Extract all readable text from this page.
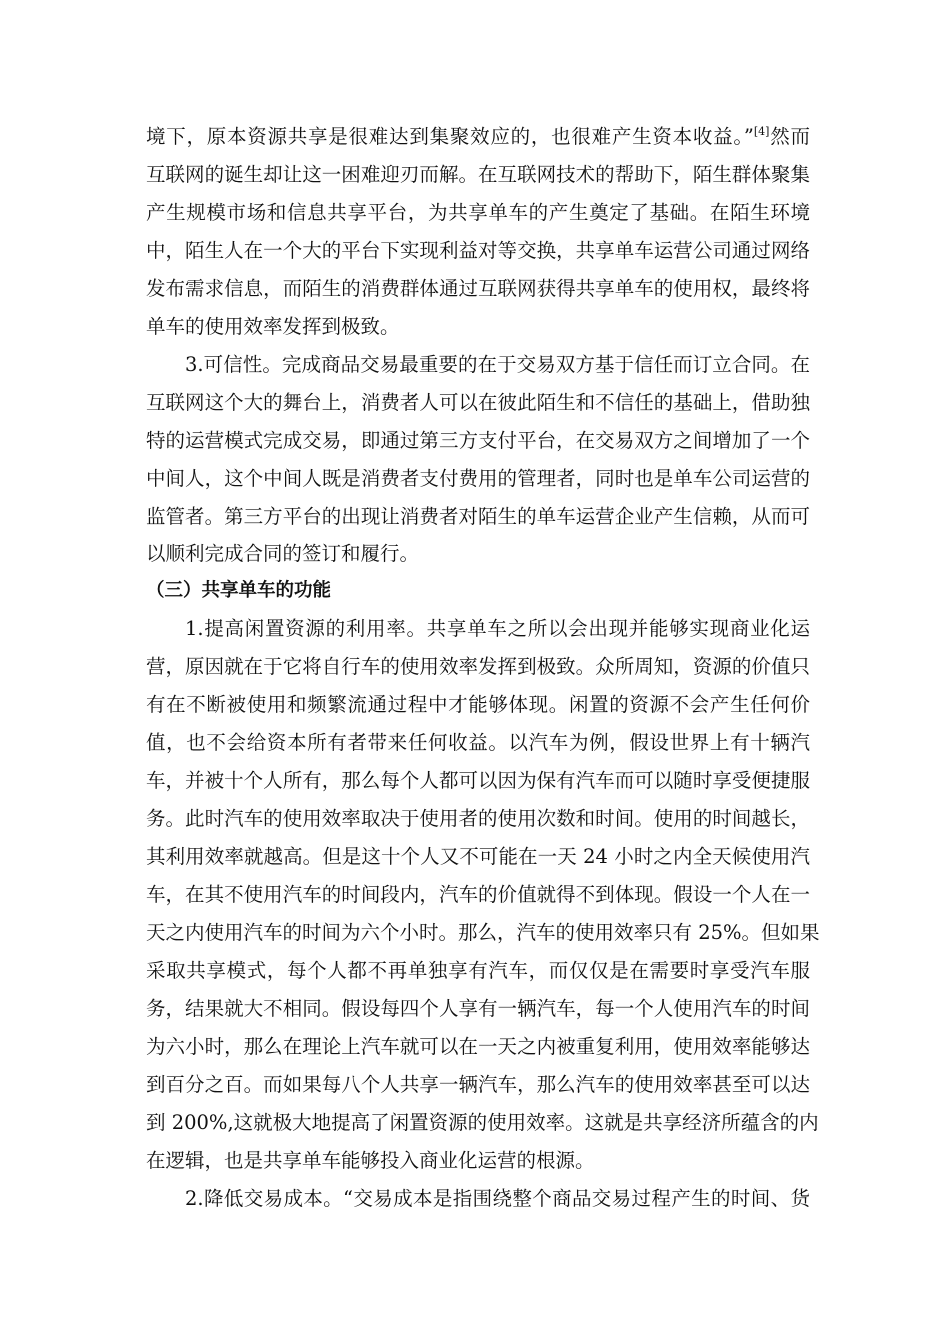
境下，原本资源共享是很难达到集聚效应的，也很难产生资本收益。”[4]然而
互联网的诞生却让这一困难迎刃而解。在互联网技术的帮助下，陌生群体聚集
产生规模市场和信息共享平台，为共享单车的产生奠定了基础。在陌生环境
中，陌生人在一个大的平台下实现利益对等交换，共享单车运营公司通过网络
发布需求信息，而陌生的消费群体通过互联网获得共享单车的使用权，最终将
单车的使用效率发挥到极致。
3.可信性。完成商品交易最重要的在于交易双方基于信任而订立合同。在
互联网这个大的舞台上，消费者人可以在彼此陌生和不信任的基础上，借助独
特的运营模式完成交易，即通过第三方支付平台，在交易双方之间增加了一个
中间人，这个中间人既是消费者支付费用的管理者，同时也是单车公司运营的
监管者。第三方平台的出现让消费者对陌生的单车运营企业产生信赖，从而可
以顺利完成合同的签订和履行。
（三）共享单车的功能
1.提高闲置资源的利用率。共享单车之所以会出现并能够实现商业化运
营，原因就在于它将自行车的使用效率发挥到极致。众所周知，资源的价值只
有在不断被使用和频繁流通过程中才能够体现。闲置的资源不会产生任何价
值，也不会给资本所有者带来任何收益。以汽车为例，假设世界上有十辆汽
车，并被十个人所有，那么每个人都可以因为保有汽车而可以随时享受便捷服
务。此时汽车的使用效率取决于使用者的使用次数和时间。使用的时间越长，
其利用效率就越高。但是这十个人又不可能在一天 24 小时之内全天候使用汽
车，在其不使用汽车的时间段内，汽车的价值就得不到体现。假设一个人在一
天之内使用汽车的时间为六个小时。那么，汽车的使用效率只有 25%。但如果
采取共享模式，每个人都不再单独享有汽车，而仅仅是在需要时享受汽车服
务，结果就大不相同。假设每四个人享有一辆汽车，每一个人使用汽车的时间
为六小时，那么在理论上汽车就可以在一天之内被重复利用，使用效率能够达
到百分之百。而如果每八个人共享一辆汽车，那么汽车的使用效率甚至可以达
到 200%,这就极大地提高了闲置资源的使用效率。这就是共享经济所蕴含的内
在逻辑，也是共享单车能够投入商业化运营的根源。
2.降低交易成本。“交易成本是指围绕整个商品交易过程产生的时间、货
